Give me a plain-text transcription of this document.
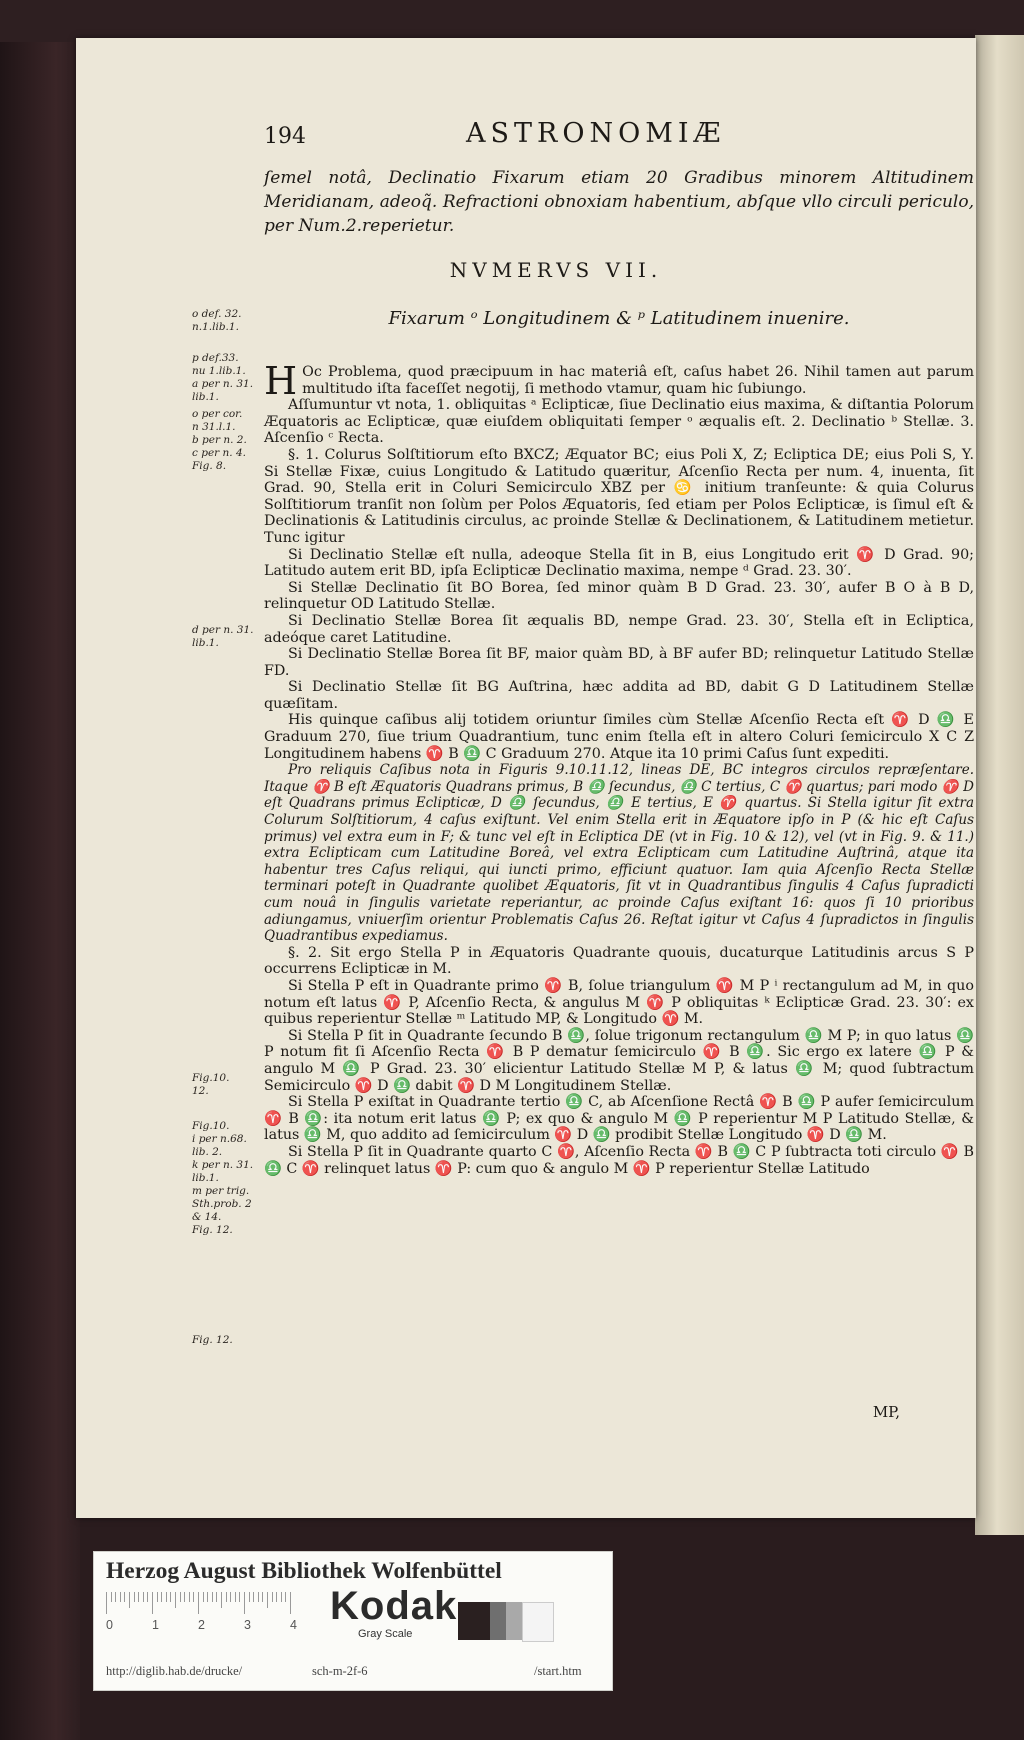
194	ASTRONOMIÆ
ſemel notâ, Declinatio Fixarum etiam 20 Gradibus minorem Altitudinem Meridianam, adeoq̃. Refractioni obnoxiam habentium, abſque vllo circuli periculo, per Num.2.reperietur.
NVMERVS VII.
Fixarum ᵒ Longitudinem & ᵖ Latitudinem inuenire.
o def. 32.
n.1.lib.1.
p def.33.
nu 1.lib.1.
a per n. 31.
lib.1.
o per cor.
n 31.l.1.
b per n. 2.
c per n. 4.
Fig. 8.
d per n. 31.
lib.1.
Fig.10.
12.
Fig.10.
i per n.68.
lib. 2.
k per n. 31.
lib.1.
m per trig.
Sth.prob. 2
& 14.
Fig. 12.
Fig. 12.

H Oc Problema, quod præcipuum in hac materiâ eſt, caſus habet 26. Nihil tamen aut parum multitudo iſta faceſſet negotij, ſi methodo vtamur, quam hic ſubiungo.

Aſſumuntur vt nota, 1. obliquitas ᵃ Eclipticæ, ſiue Declinatio eius maxima, & diſtantia Polorum Æquatoris ac Eclipticæ, quæ eiuſdem obliquitati ſemper ᵒ æqualis eſt. 2. Declinatio ᵇ Stellæ. 3. Aſcenſio ᶜ Recta.

§. 1. Colurus Solſtitiorum eſto BXCZ; Æquator BC; eius Poli X, Z; Ecliptica DE; eius Poli S, Y. Si Stellæ Fixæ, cuius Longitudo & Latitudo quæritur, Aſcenſio Recta per num. 4, inuenta, ſit Grad. 90, Stella erit in Coluri Semicirculo XBZ per ♋ initium tranſeunte: & quia Colurus Solſtitiorum tranſit non ſolùm per Polos Æquatoris, ſed etiam per Polos Eclipticæ, is ſimul eſt & Declinationis & Latitudinis circulus, ac proinde Stellæ & Declinationem, & Latitudinem metietur. Tunc igitur

Si Declinatio Stellæ eſt nulla, adeoque Stella ſit in B, eius Longitudo erit ♈ D Grad. 90; Latitudo autem erit BD, ipſa Eclipticæ Declinatio maxima, nempe ᵈ Grad. 23. 30′.

Si Stellæ Declinatio ſit BO Borea, ſed minor quàm B D Grad. 23. 30′, aufer B O à B D, relinquetur OD Latitudo Stellæ.

Si Declinatio Stellæ Borea ſit æqualis BD, nempe Grad. 23. 30′, Stella eſt in Ecliptica, adeóque caret Latitudine.

Si Declinatio Stellæ Borea ſit BF, maior quàm BD, à BF aufer BD; relinquetur Latitudo Stellæ FD.

Si Declinatio Stellæ ſit BG Auſtrina, hæc addita ad BD, dabit G D Latitudinem Stellæ quæſitam.

His quinque caſibus alij totidem oriuntur ſimiles cùm Stellæ Aſcenſio Recta eſt ♈ D ♎ E Graduum 270, ſiue trium Quadrantium, tunc enim ſtella eſt in altero Coluri ſemicirculo X C Z Longitudinem habens ♈ B ♎ C Graduum 270. Atque ita 10 primi Caſus ſunt expediti.

Pro reliquis Caſibus nota in Figuris 9.10.11.12, lineas DE, BC integros circulos repræſentare. Itaque ♈ B eſt Æquatoris Quadrans primus, B ♎ ſecundus, ♎ C tertius, C ♈ quartus; pari modo ♈ D eſt Quadrans primus Eclipticæ, D ♎ ſecundus, ♎ E tertius, E ♈ quartus. Si Stella igitur ſit extra Colurum Solſtitiorum, 4 caſus exiſtunt. Vel enim Stella erit in Æquatore ipſo in P (& hic eſt Caſus primus) vel extra eum in F; & tunc vel eſt in Ecliptica DE (vt in Fig. 10 & 12), vel (vt in Fig. 9. & 11.) extra Eclipticam cum Latitudine Boreâ, vel extra Eclipticam cum Latitudine Auſtrinâ, atque ita habentur tres Caſus reliqui, qui iuncti primo, efficiunt quatuor. Iam quia Aſcenſio Recta Stellæ terminari poteſt in Quadrante quolibet Æquatoris, ſit vt in Quadrantibus ſingulis 4 Caſus ſupradicti cum nouâ in ſingulis varietate reperiantur, ac proinde Caſus exiſtant 16: quos ſi 10 prioribus adiungamus, vniuerſim orientur Problematis Caſus 26. Reſtat igitur vt Caſus 4 ſupradictos in ſingulis Quadrantibus expediamus.

§. 2. Sit ergo Stella P in Æquatoris Quadrante quouis, ducaturque Latitudinis arcus S P occurrens Eclipticæ in M.

Si Stella P eſt in Quadrante primo ♈ B, ſolue triangulum ♈ M P ⁱ rectangulum ad M, in quo notum eſt latus ♈ P, Aſcenſio Recta, & angulus M ♈ P obliquitas ᵏ Eclipticæ Grad. 23. 30′: ex quibus reperientur Stellæ ᵐ Latitudo MP, & Longitudo ♈ M.

Si Stella P ſit in Quadrante ſecundo B ♎, ſolue trigonum rectangulum ♎ M P; in quo latus ♎ P notum fit ſi Aſcenſio Recta ♈ B P dematur ſemicirculo ♈ B ♎. Sic ergo ex latere ♎ P & angulo M ♎ P Grad. 23. 30′ elicientur Latitudo Stellæ M P, & latus ♎ M; quod ſubtractum Semicirculo ♈ D ♎ dabit ♈ D M Longitudinem Stellæ.

Si Stella P exiſtat in Quadrante tertio ♎ C, ab Aſcenſione Rectâ ♈ B ♎ P aufer ſemicirculum ♈ B ♎: ita notum erit latus ♎ P; ex quo & angulo M ♎ P reperientur M P Latitudo Stellæ, & latus ♎ M, quo addito ad ſemicirculum ♈ D ♎ prodibit Stellæ Longitudo ♈ D ♎ M.

Si Stella P ſit in Quadrante quarto C ♈, Aſcenſio Recta ♈ B ♎ C P ſubtracta toti circulo ♈ B ♎ C ♈ relinquet latus ♈ P: cum quo & angulo M ♈ P reperientur Stellæ Latitudo

MP,
Herzog August Bibliothek Wolfenbüttel
0	1	2	3	4 Kodak
Gray Scale
http://diglib.hab.de/drucke/	sch-m-2f-6	/start.htm
